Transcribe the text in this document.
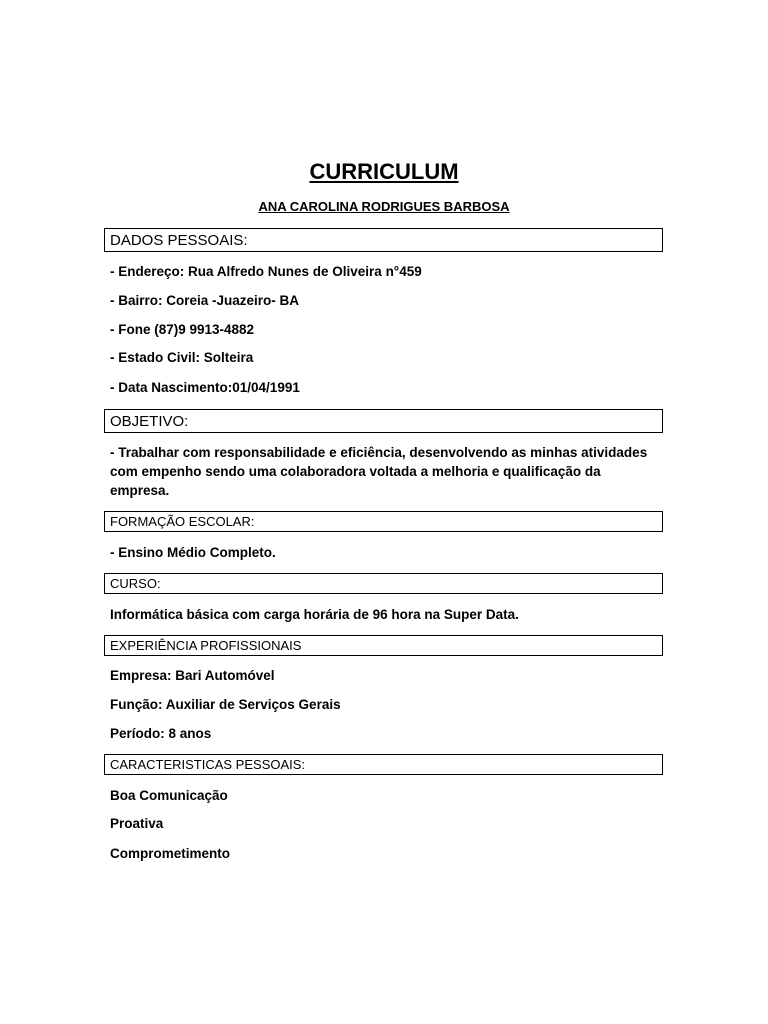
CURRICULUM
ANA CAROLINA RODRIGUES BARBOSA
DADOS PESSOAIS:
- Endereço: Rua Alfredo Nunes de Oliveira n°459
- Bairro: Coreia -Juazeiro- BA
- Fone (87)9 9913-4882
- Estado Civil: Solteira
- Data Nascimento:01/04/1991
OBJETIVO:
- Trabalhar com responsabilidade e eficiência, desenvolvendo as minhas atividades com empenho sendo uma colaboradora voltada a melhoria e qualificação da empresa.
FORMAÇÃO ESCOLAR:
- Ensino Médio Completo.
CURSO:
Informática básica com carga horária de 96 hora na Super Data.
EXPERIÊNCIA PROFISSIONAIS
Empresa: Bari Automóvel
Função: Auxiliar de Serviços Gerais
Período: 8 anos
CARACTERISTICAS PESSOAIS:
Boa Comunicação
Proativa
Comprometimento
